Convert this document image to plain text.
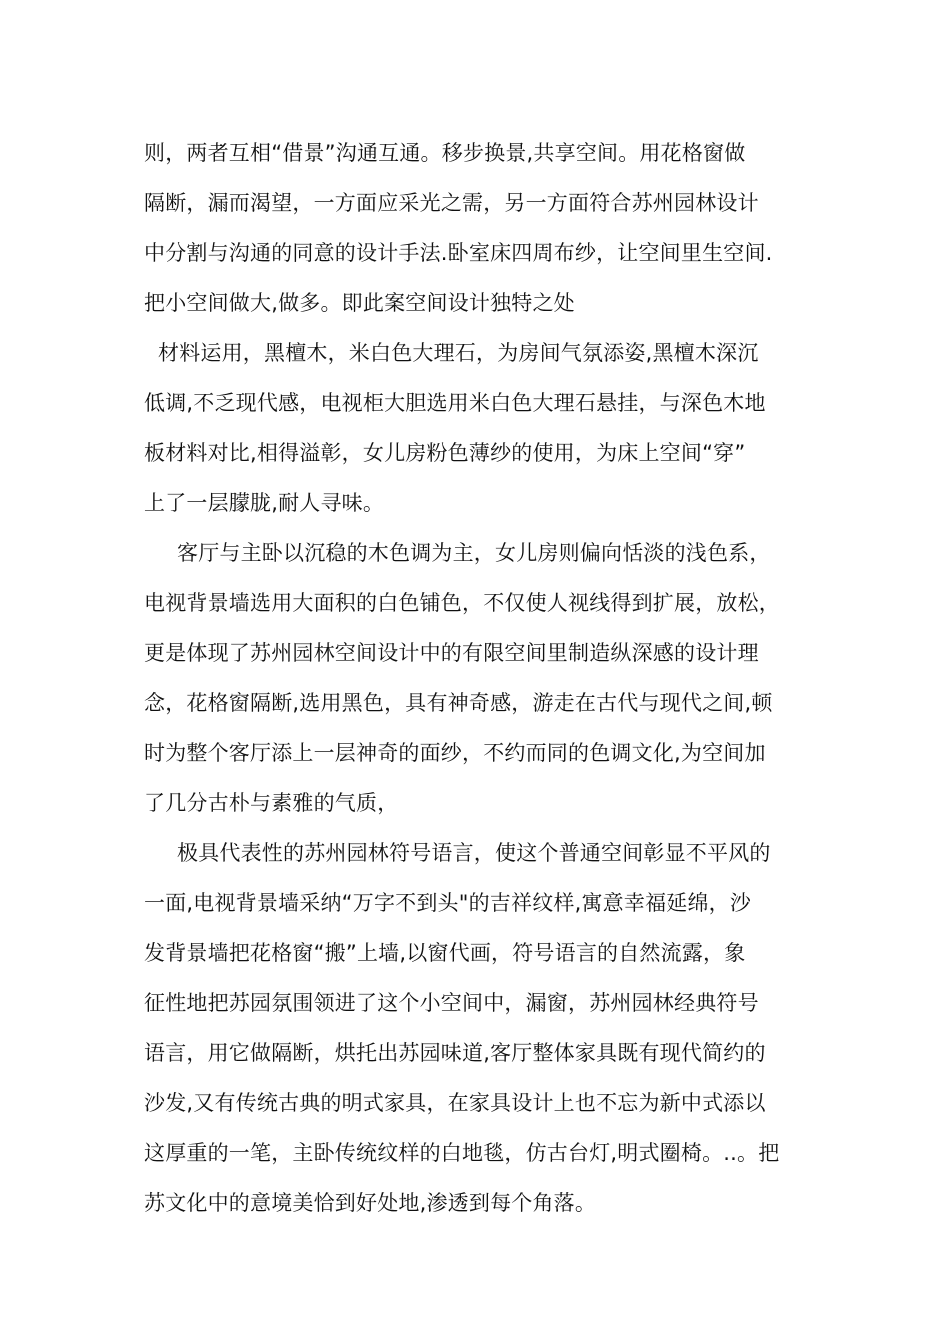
则，两者互相“借景”沟通互通。移步换景,共享空间。用花格窗做
隔断，漏而渴望，一方面应采光之需，另一方面符合苏州园林设计
中分割与沟通的同意的设计手法.卧室床四周布纱，让空间里生空间.
把小空间做大,做多。即此案空间设计独特之处
材料运用，黑檀木，米白色大理石，为房间气氛添姿,黑檀木深沉
低调,不乏现代感，电视柜大胆选用米白色大理石悬挂，与深色木地
板材料对比,相得溢彰，女儿房粉色薄纱的使用，为床上空间“穿”
上了一层朦胧,耐人寻味。
客厅与主卧以沉稳的木色调为主，女儿房则偏向恬淡的浅色系，
电视背景墙选用大面积的白色铺色，不仅使人视线得到扩展，放松，
更是体现了苏州园林空间设计中的有限空间里制造纵深感的设计理
念，花格窗隔断,选用黑色，具有神奇感，游走在古代与现代之间,顿
时为整个客厅添上一层神奇的面纱，不约而同的色调文化,为空间加
了几分古朴与素雅的气质，
极具代表性的苏州园林符号语言，使这个普通空间彰显不平风的
一面,电视背景墙采纳“万字不到头"的吉祥纹样,寓意幸福延绵，沙
发背景墙把花格窗“搬”上墙,以窗代画，符号语言的自然流露，象
征性地把苏园氛围领进了这个小空间中，漏窗，苏州园林经典符号
语言，用它做隔断，烘托出苏园味道,客厅整体家具既有现代简约的
沙发,又有传统古典的明式家具，在家具设计上也不忘为新中式添以
这厚重的一笔，主卧传统纹样的白地毯，仿古台灯,明式圈椅。..。把
苏文化中的意境美恰到好处地,渗透到每个角落。
